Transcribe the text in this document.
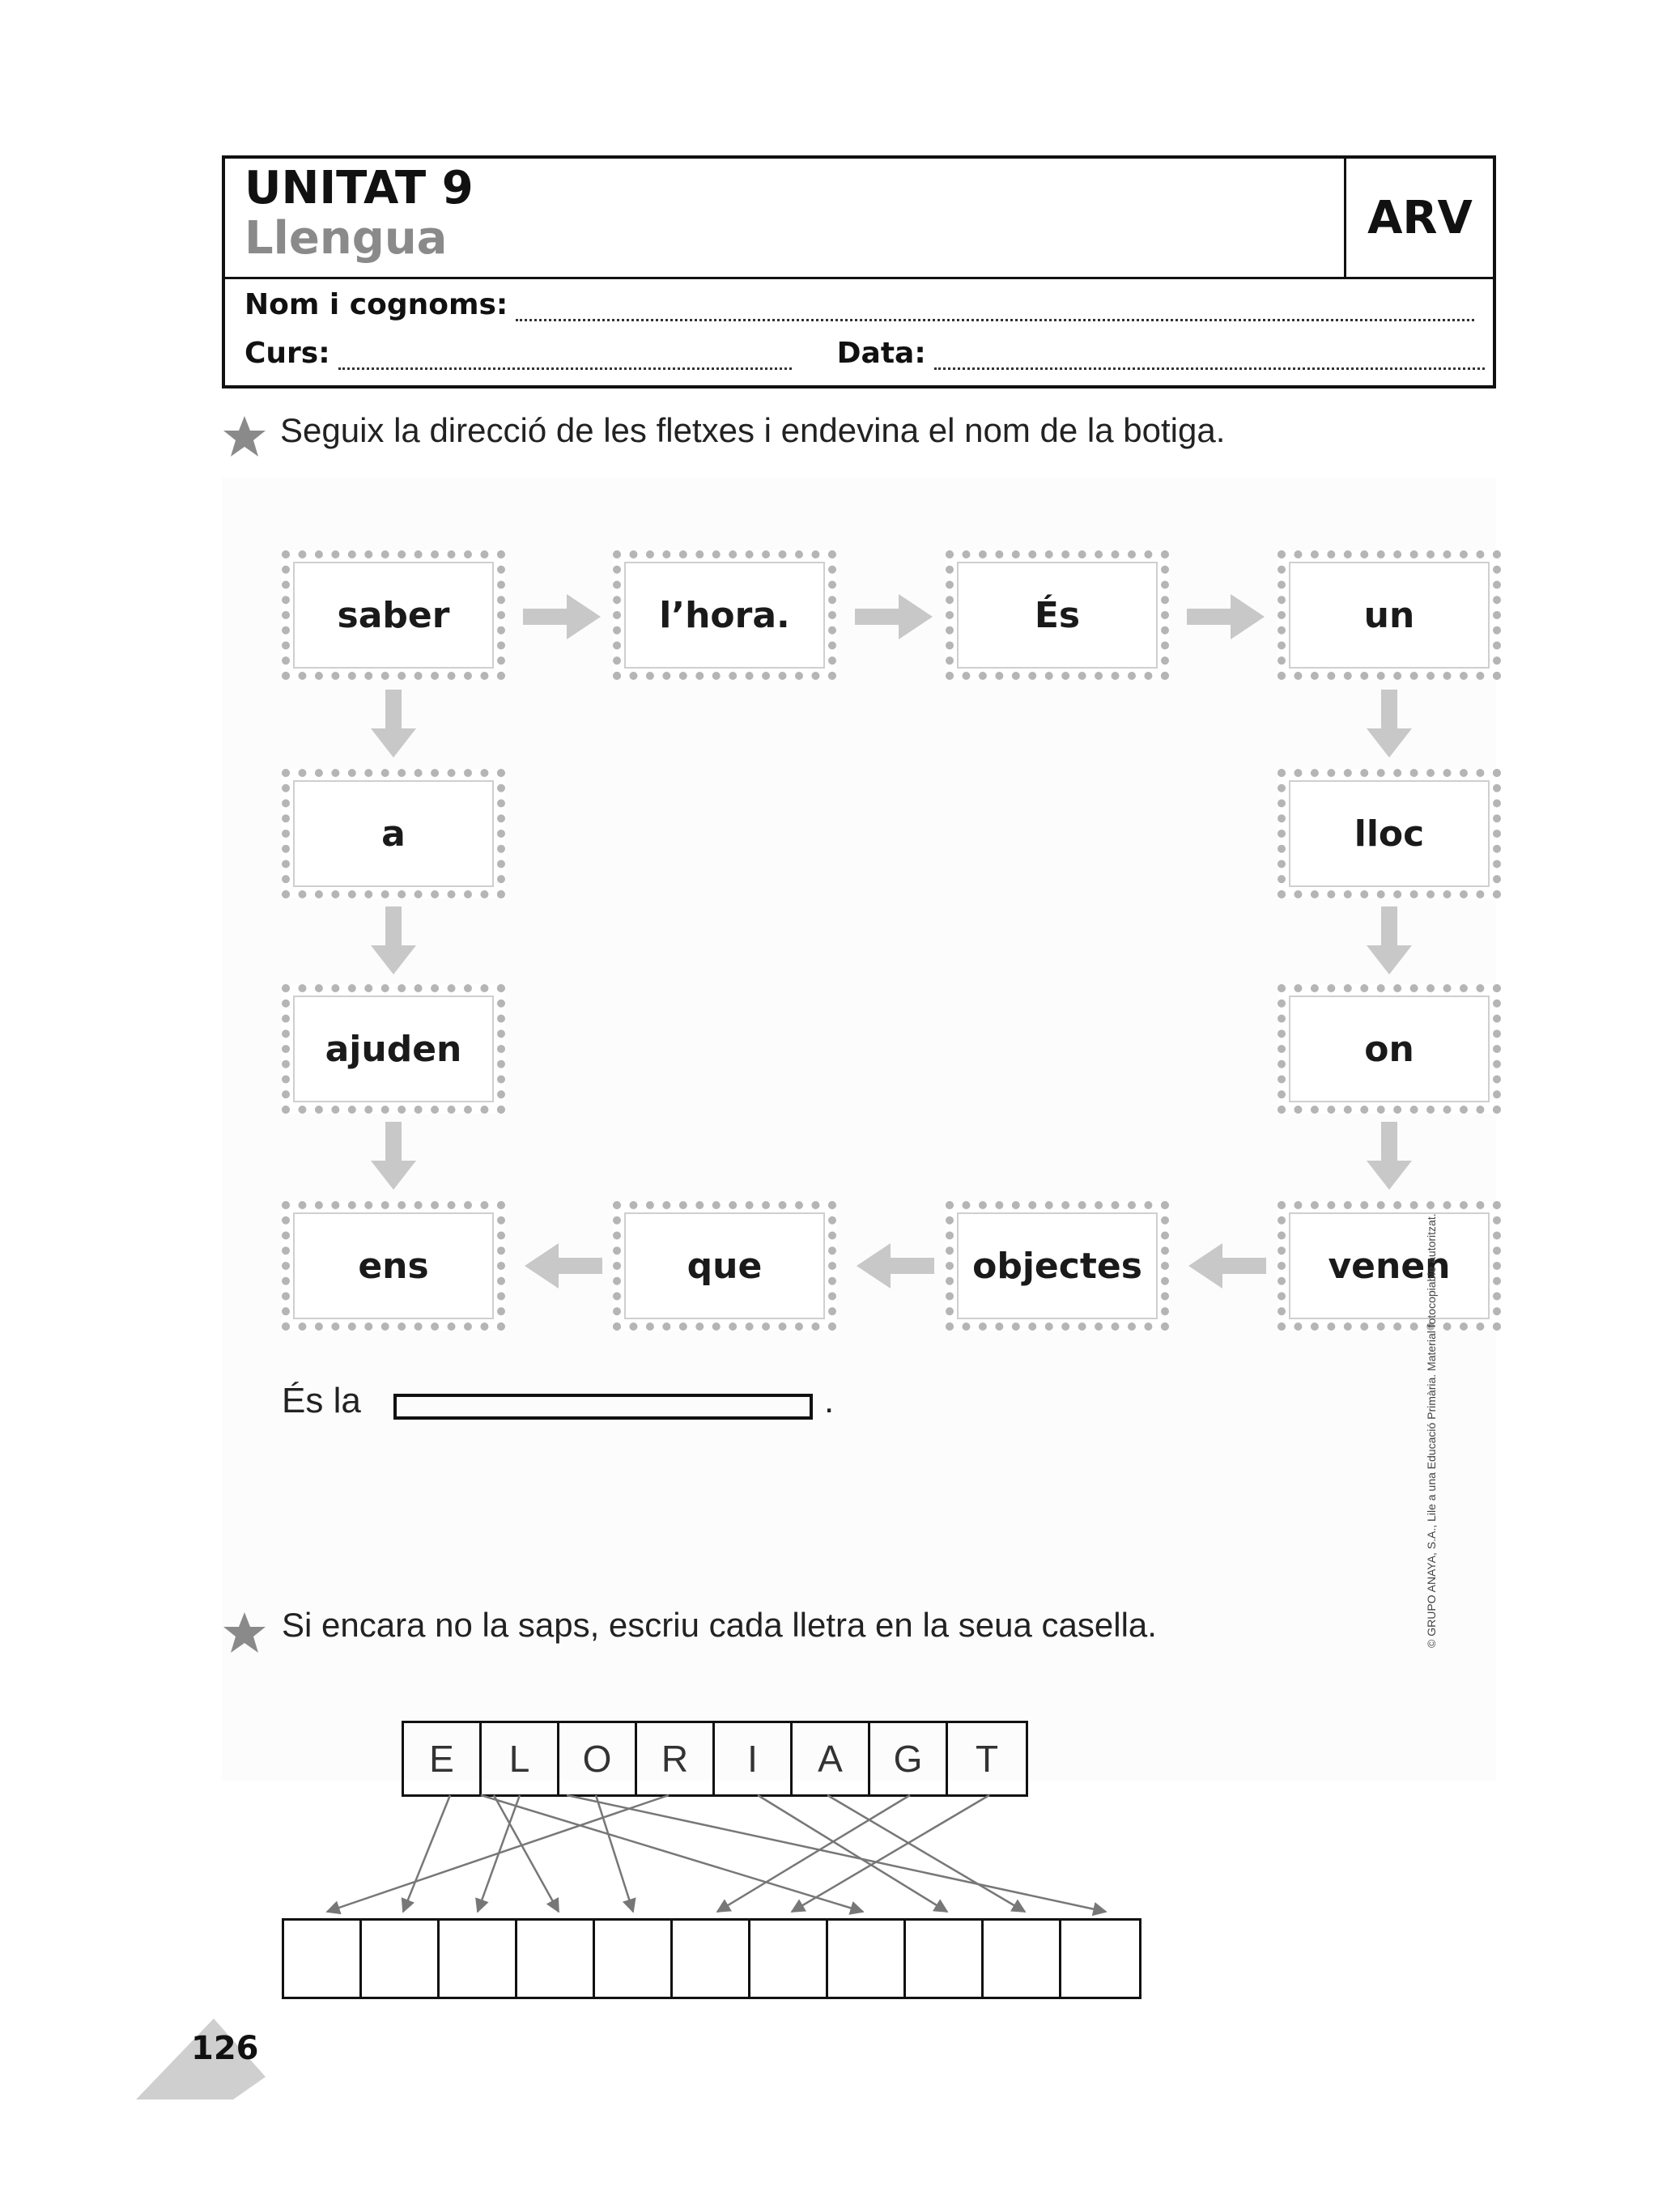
UNITAT 9
Llengua	ARV
Nom i cognoms:
Curs:	Data:
Seguix la direcció de les fletxes i endevina el nom de la botiga.
saber	l’hora.	És	un
a	lloc
ajuden	on
ens	que	objectes	venen
És la	.
Si encara no la saps, escriu cada lletra en la seua casella.
E	L	O	R	I	A	G	T
126
© GRUPO ANAYA, S.A., Lile a una Educació Primària. Material fotocopiable autoritzat.
